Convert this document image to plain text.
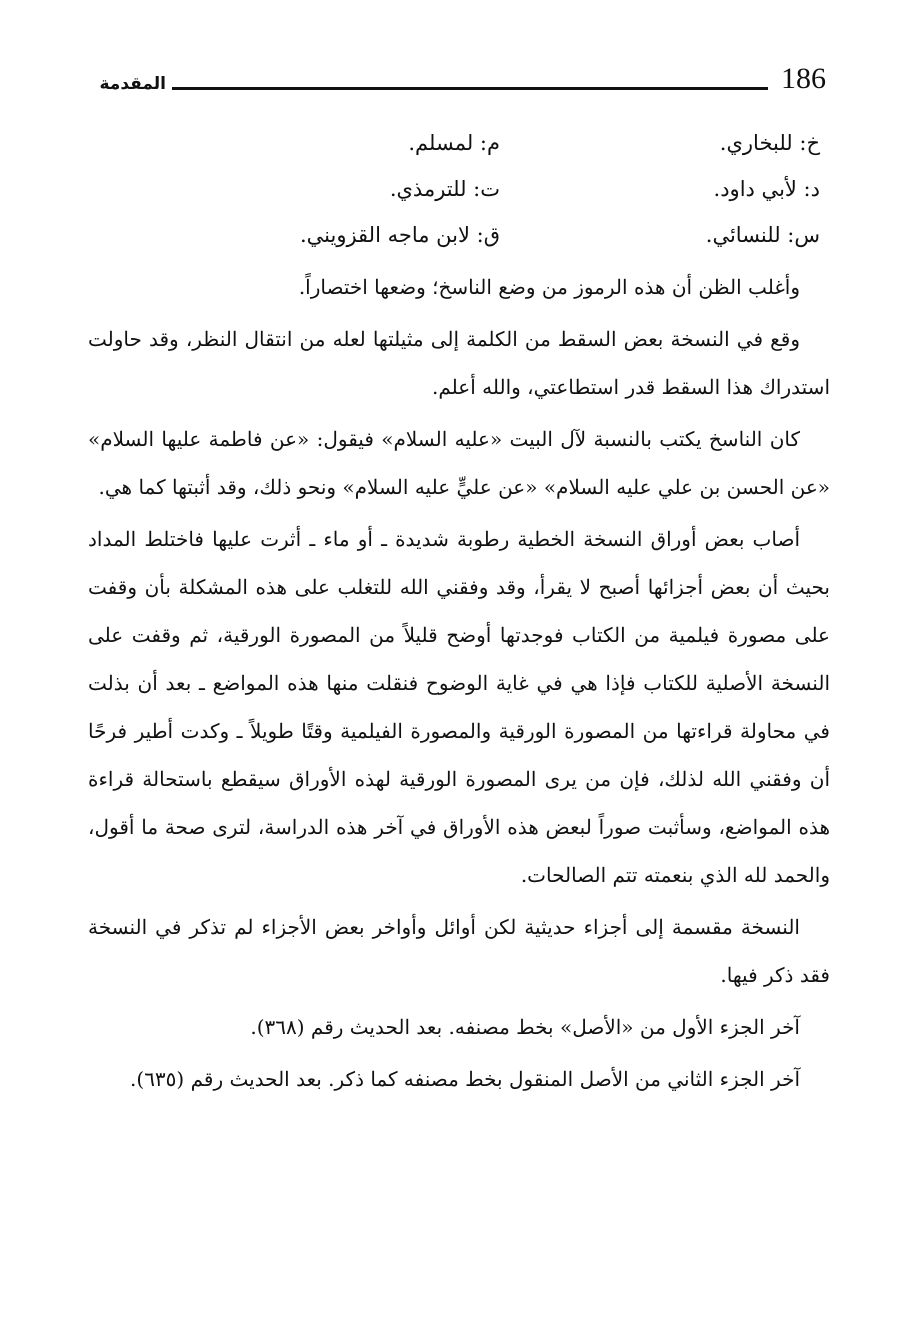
186
المقدمة
خ: للبخاري.
م: لمسلم.
د: لأبي داود.
ت: للترمذي.
س: للنسائي.
ق: لابن ماجه القزويني.

وأغلب الظن أن هذه الرموز من وضع الناسخ؛ وضعها اختصاراً.

وقع في النسخة بعض السقط من الكلمة إلى مثيلتها لعله من انتقال النظر، وقد حاولت استدراك هذا السقط قدر استطاعتي، والله أعلم.

كان الناسخ يكتب بالنسبة لآل البيت «عليه السلام» فيقول: «عن فاطمة عليها السلام» «عن الحسن بن علي عليه السلام» «عن عليٍّ عليه السلام» ونحو ذلك، وقد أثبتها كما هي.

أصاب بعض أوراق النسخة الخطية رطوبة شديدة ـ أو ماء ـ أثرت عليها فاختلط المداد بحيث أن بعض أجزائها أصبح لا يقرأ، وقد وفقني الله للتغلب على هذه المشكلة بأن وقفت على مصورة فيلمية من الكتاب فوجدتها أوضح قليلاً من المصورة الورقية، ثم وقفت على النسخة الأصلية للكتاب فإذا هي في غاية الوضوح فنقلت منها هذه المواضع ـ بعد أن بذلت في محاولة قراءتها من المصورة الورقية والمصورة الفيلمية وقتًا طويلاً ـ وكدت أطير فرحًا أن وفقني الله لذلك، فإن من يرى المصورة الورقية لهذه الأوراق سيقطع باستحالة قراءة هذه المواضع، وسأثبت صوراً لبعض هذه الأوراق في آخر هذه الدراسة، لترى صحة ما أقول، والحمد لله الذي بنعمته تتم الصالحات.

النسخة مقسمة إلى أجزاء حديثية لكن أوائل وأواخر بعض الأجزاء لم تذكر في النسخة فقد ذكر فيها.

آخر الجزء الأول من «الأصل» بخط مصنفه. بعد الحديث رقم (٣٦٨).

آخر الجزء الثاني من الأصل المنقول بخط مصنفه كما ذكر. بعد الحديث رقم (٦٣٥).
